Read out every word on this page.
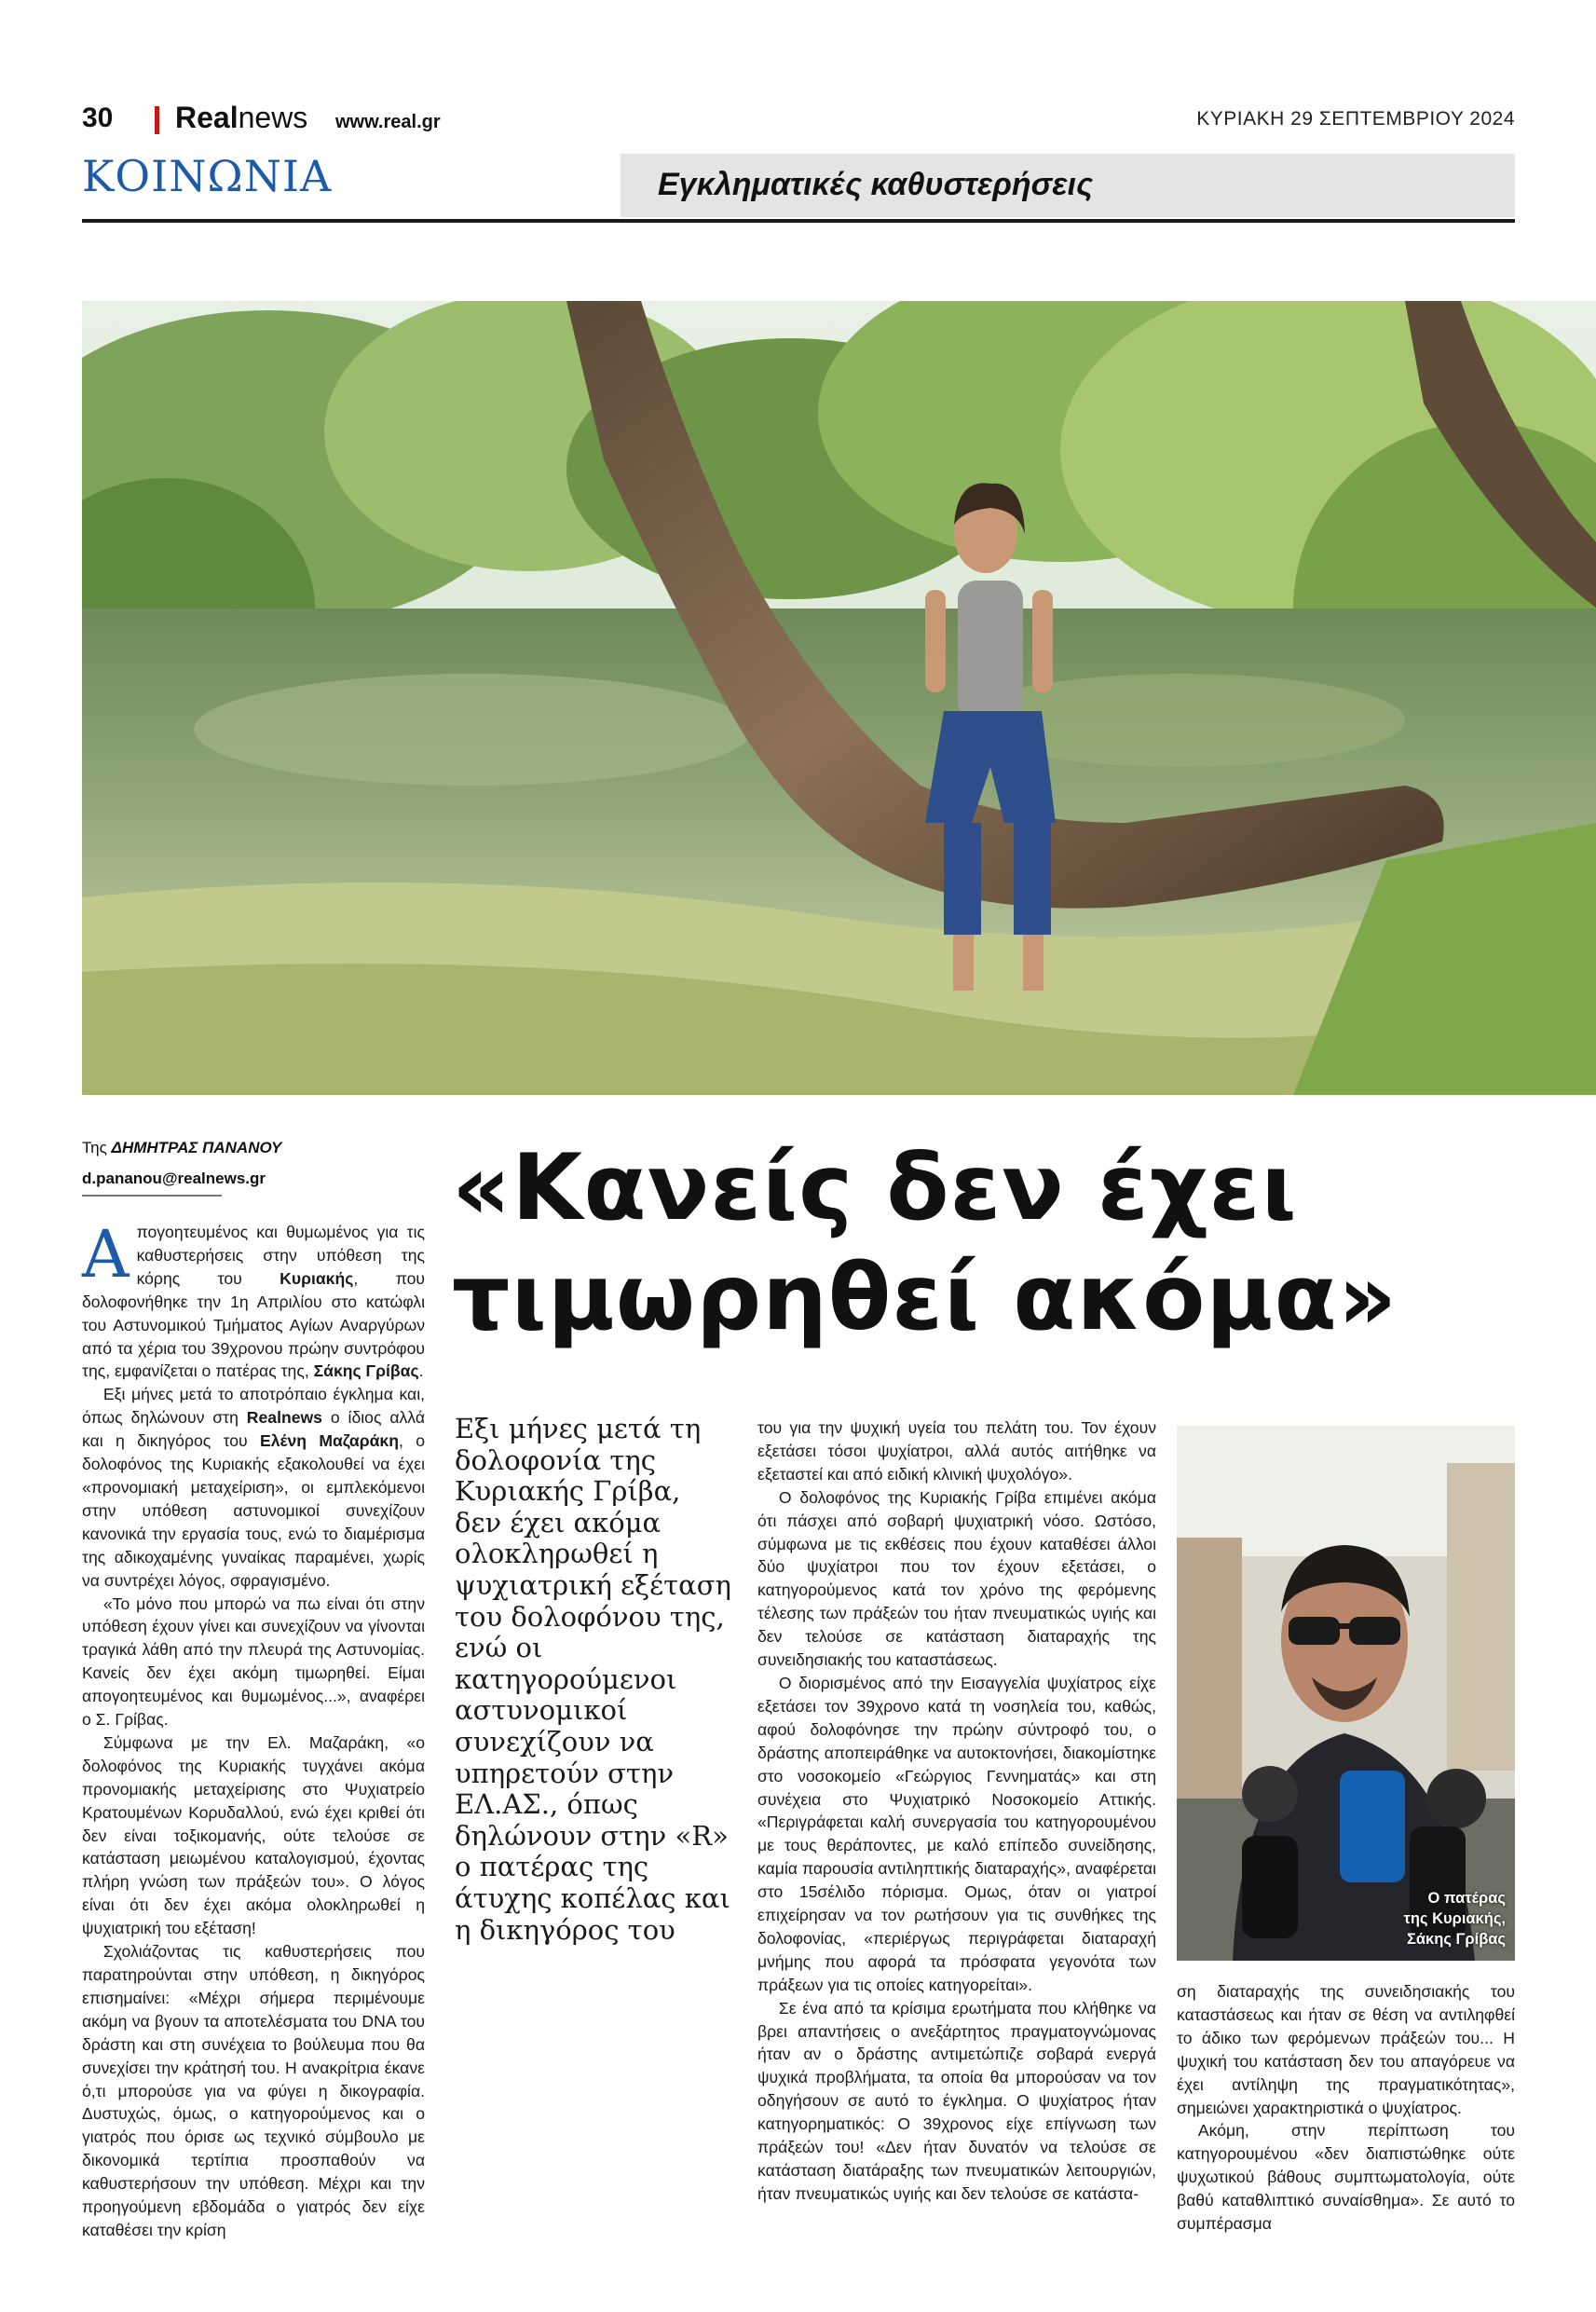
30 Realnews www.real.gr	ΚΥΡΙΑΚΗ 29 ΣΕΠΤΕΜΒΡΙΟΥ 2024
ΚΟΙΝΩΝΙΑ	Εγκληματικές καθυστερήσεις
Της ΔΗΜΗΤΡΑΣ ΠΑΝΑΝΟΥ
d.pananou@realnews.gr «Κανείς δεν έχει
τιμωρηθεί ακόμα»

Απογοητευμένος και θυμωμένος για τις καθυστερήσεις στην υπόθεση της κόρης του Κυριακής, που δολοφονήθηκε την 1η Απριλίου στο κατώφλι του Αστυνομικού Τμήματος Αγίων Αναργύρων από τα χέρια του 39χρονου πρώην συντρόφου της, εμφανίζεται ο πατέρας της, Σάκης Γρίβας.

Εξι μήνες μετά το αποτρόπαιο έγκλημα και, όπως δηλώνουν στη Realnews ο ίδιος αλλά και η δικηγόρος του Ελένη Μαζαράκη, ο δολοφόνος της Κυριακής εξακολουθεί να έχει «προνομιακή μεταχείριση», οι εμπλεκόμενοι στην υπόθεση αστυνομικοί συνεχίζουν κανονικά την εργασία τους, ενώ το διαμέρισμα της αδικοχαμένης γυναίκας παραμένει, χωρίς να συντρέχει λόγος, σφραγισμένο.

«Το μόνο που μπορώ να πω είναι ότι στην υπόθεση έχουν γίνει και συνεχίζουν να γίνονται τραγικά λάθη από την πλευρά της Αστυνομίας. Κανείς δεν έχει ακόμη τιμωρηθεί. Είμαι απογοητευμένος και θυμωμένος...», αναφέρει ο Σ. Γρίβας.

Σύμφωνα με την Ελ. Μαζαράκη, «ο δολοφόνος της Κυριακής τυγχάνει ακόμα προνομιακής μεταχείρισης στο Ψυχιατρείο Κρατουμένων Κορυδαλλού, ενώ έχει κριθεί ότι δεν είναι τοξικομανής, ούτε τελούσε σε κατάσταση μειωμένου καταλογισμού, έχοντας πλήρη γνώση των πράξεών του». Ο λόγος είναι ότι δεν έχει ακόμα ολοκληρωθεί η ψυχιατρική του εξέταση!

Σχολιάζοντας τις καθυστερήσεις που παρατηρούνται στην υπόθεση, η δικηγόρος επισημαίνει: «Μέχρι σήμερα περιμένουμε ακόμη να βγουν τα αποτελέσματα του DNA του δράστη και στη συνέχεια το βούλευμα που θα συνεχίσει την κράτησή του. Η ανακρίτρια έκανε ό,τι μπορούσε για να φύγει η δικογραφία. Δυστυχώς, όμως, ο κατηγορούμενος και ο γιατρός που όρισε ως τεχνικό σύμβουλο με δικονομικά τερτίπια προσπαθούν να καθυστερήσουν την υπόθεση. Μέχρι και την προηγούμενη εβδομάδα ο γιατρός δεν είχε καταθέσει την κρίση

Εξι μήνες μετά τη δολοφονία της Κυριακής Γρίβα, δεν έχει ακόμα ολοκληρωθεί η ψυχιατρική εξέταση του δολοφόνου της, ενώ οι κατηγορούμενοι αστυνομικοί συνεχίζουν να υπηρετούν στην ΕΛ.ΑΣ., όπως δηλώνουν στην «R» ο πατέρας της άτυχης κοπέλας και η δικηγόρος του

του για την ψυχική υγεία του πελάτη του. Τον έχουν εξετάσει τόσοι ψυχίατροι, αλλά αυτός αιτήθηκε να εξεταστεί και από ειδική κλινική ψυχολόγο».

Ο δολοφόνος της Κυριακής Γρίβα επιμένει ακόμα ότι πάσχει από σοβαρή ψυχιατρική νόσο. Ωστόσο, σύμφωνα με τις εκθέσεις που έχουν καταθέσει άλλοι δύο ψυχίατροι που τον έχουν εξετάσει, ο κατηγορούμενος κατά τον χρόνο της φερόμενης τέλεσης των πράξεών του ήταν πνευματικώς υγιής και δεν τελούσε σε κατάσταση διαταραχής της συνειδησιακής του καταστάσεως.

Ο διορισμένος από την Εισαγγελία ψυχίατρος είχε εξετάσει τον 39χρονο κατά τη νοσηλεία του, καθώς, αφού δολοφόνησε την πρώην σύντροφό του, ο δράστης αποπειράθηκε να αυτοκτονήσει, διακομίστηκε στο νοσοκομείο «Γεώργιος Γεννηματάς» και στη συνέχεια στο Ψυχιατρικό Νοσοκομείο Αττικής. «Περιγράφεται καλή συνεργασία του κατηγορουμένου με τους θεράποντες, με καλό επίπεδο συνείδησης, καμία παρουσία αντιληπτικής διαταραχής», αναφέρεται στο 15σέλιδο πόρισμα. Ομως, όταν οι γιατροί επιχείρησαν να τον ρωτήσουν για τις συνθήκες της δολοφονίας, «περιέργως περιγράφεται διαταραχή μνήμης που αφορά τα πρόσφατα γεγονότα των πράξεων για τις οποίες κατηγορείται».

Σε ένα από τα κρίσιμα ερωτήματα που κλήθηκε να βρει απαντήσεις ο ανεξάρτητος πραγματογνώμονας ήταν αν ο δράστης αντιμετώπιζε σοβαρά ενεργά ψυχικά προβλήματα, τα οποία θα μπορούσαν να τον οδηγήσουν σε αυτό το έγκλημα. Ο ψυχίατρος ήταν κατηγορηματικός: Ο 39χρονος είχε επίγνωση των πράξεών του! «Δεν ήταν δυνατόν να τελούσε σε κατάσταση διατάραξης των πνευματικών λειτουργιών, ήταν πνευματικώς υγιής και δεν τελούσε σε κατάστα-

Ο πατέρας
της Κυριακής,
Σάκης Γρίβας

ση διαταραχής της συνειδησιακής του καταστάσεως και ήταν σε θέση να αντιληφθεί το άδικο των φερόμενων πράξεών του... Η ψυχική του κατάσταση δεν του απαγόρευε να έχει αντίληψη της πραγματικότητας», σημειώνει χαρακτηριστικά ο ψυχίατρος.

Ακόμη, στην περίπτωση του κατηγορουμένου «δεν διαπιστώθηκε ούτε ψυχωτικού βάθους συμπτωματολογία, ούτε βαθύ καταθλιπτικό συναίσθημα». Σε αυτό το συμπέρασμα
